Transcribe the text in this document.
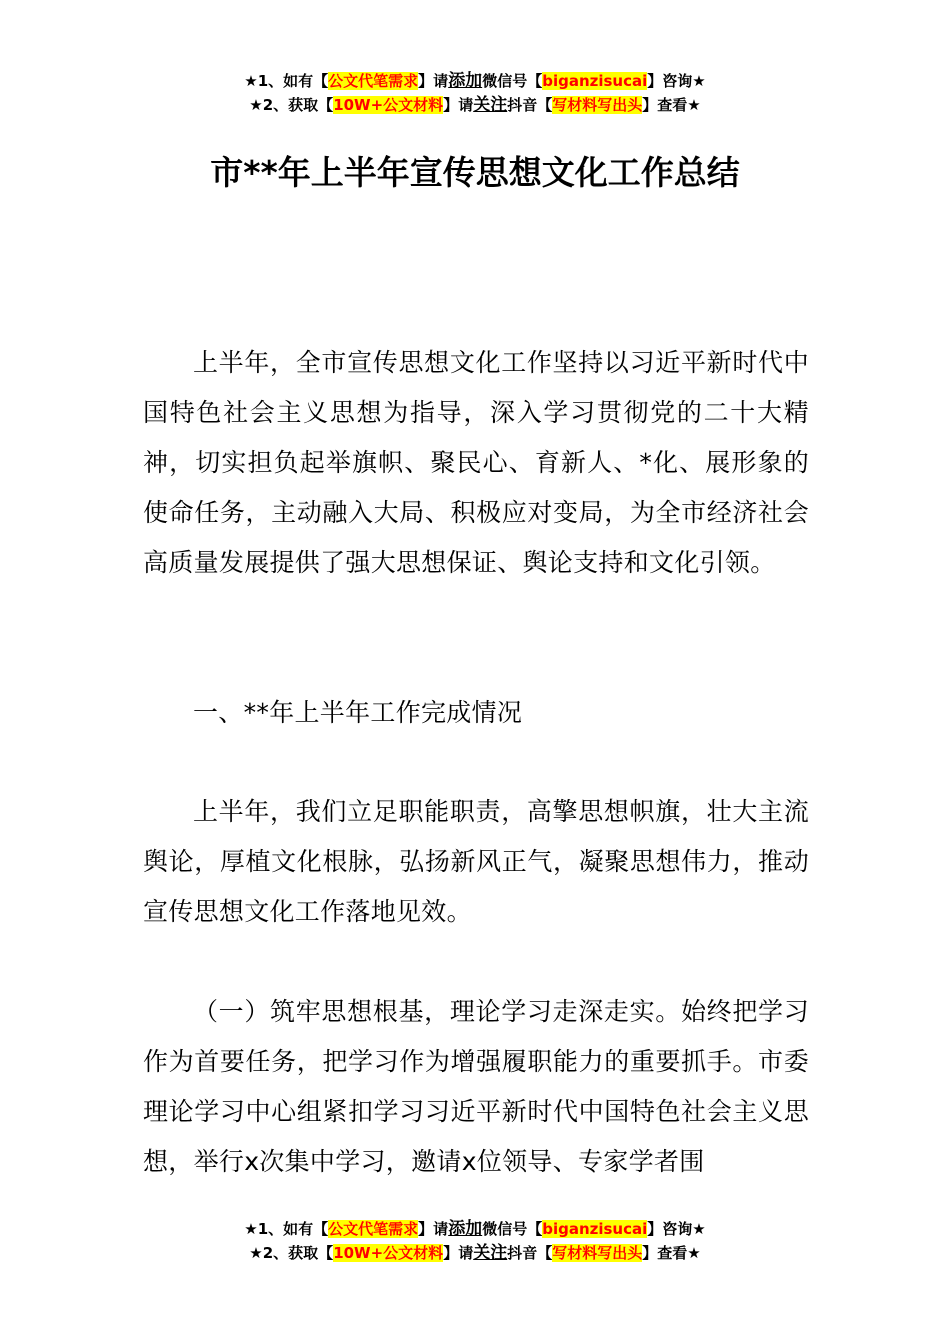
★1、如有【公文代笔需求】请添加微信号【biganzisucai】咨询★
★2、获取【10W+公文材料】请关注抖音【写材料写出头】查看★
市**年上半年宣传思想文化工作总结

上半年，全市宣传思想文化工作坚持以习近平新时代中国特色社会主义思想为指导，深入学习贯彻党的二十大精神，切实担负起举旗帜、聚民心、育新人、*化、展形象的使命任务，主动融入大局、积极应对变局，为全市经济社会高质量发展提供了强大思想保证、舆论支持和文化引领。

一、**年上半年工作完成情况

上半年，我们立足职能职责，高擎思想帜旗，壮大主流舆论，厚植文化根脉，弘扬新风正气，凝聚思想伟力，推动宣传思想文化工作落地见效。

（一）筑牢思想根基，理论学习走深走实。始终把学习作为首要任务，把学习作为增强履职能力的重要抓手。市委理论学习中心组紧扣学习习近平新时代中国特色社会主义思想，举行x次集中学习，邀请x位领导、专家学者围

★1、如有【公文代笔需求】请添加微信号【biganzisucai】咨询★
★2、获取【10W+公文材料】请关注抖音【写材料写出头】查看★
